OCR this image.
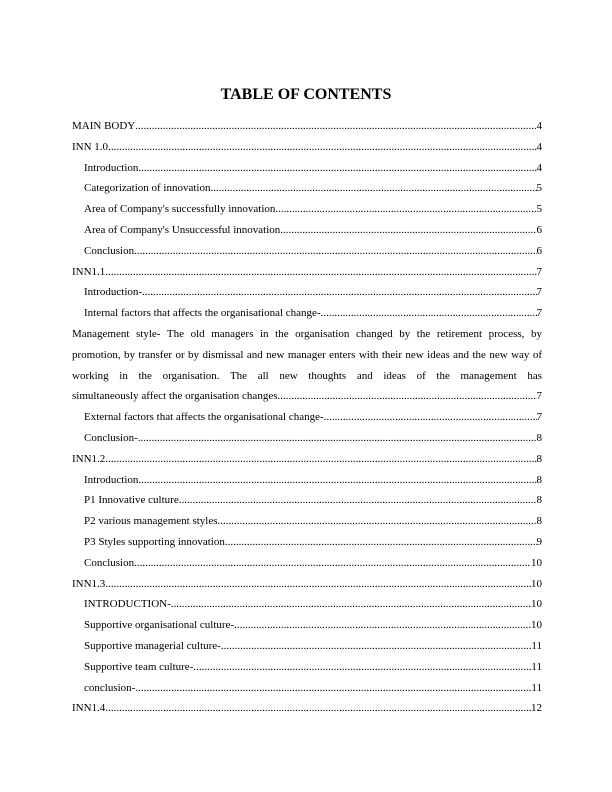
TABLE OF CONTENTS
MAIN BODY .....	4
INN 1.0 .....	4
Introduction .....	4
Categorization of innovation .....	5
Area of Company's successfully innovation .....	5
Area of Company's Unsuccessful innovation .....	6
Conclusion .....	6
INN1.1 .....	7
Introduction- .....	7
Internal factors that affects the organisational change- .....	7
Management style- The old managers in the organisation changed by the retirement process, by promotion, by transfer or by dismissal and new manager enters with their new ideas and the new way of working in the organisation. The all new thoughts and ideas of the management has
simultaneously affect the organisation changes. .....	7
External factors that affects the organisational change- .....	7
Conclusion- .....	8
INN1.2 .....	8
Introduction .....	8
P1 Innovative culture .....	8
P2 various management styles .....	8
P3 Styles supporting innovation .....	9
Conclusion .....	10
INN1.3 .....	10
INTRODUCTION- .....	10
Supportive organisational culture- .....	10
Supportive managerial culture- .....	11
Supportive team culture- .....	11
conclusion- .....	11
INN1.4 .....	12
